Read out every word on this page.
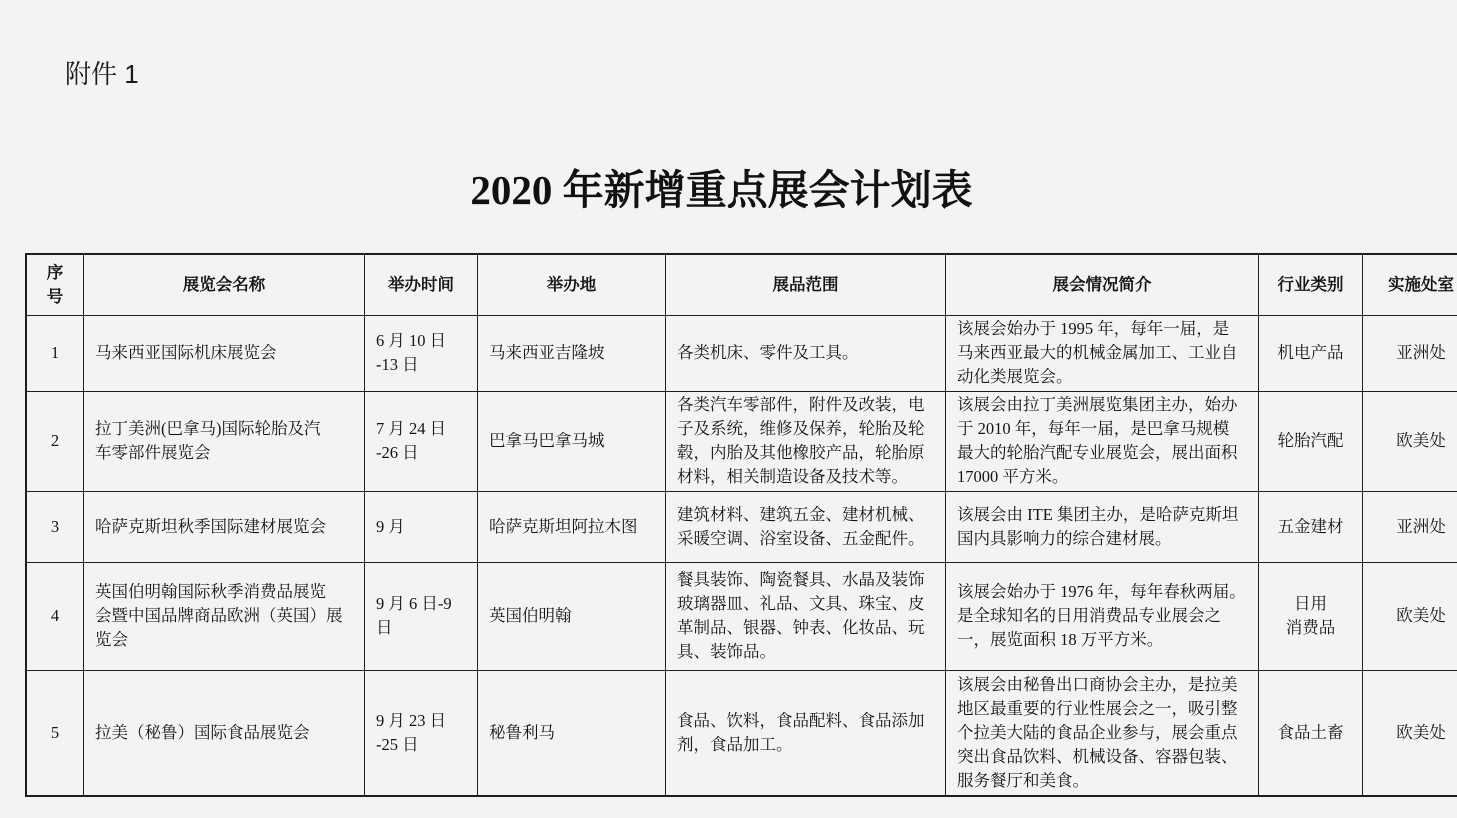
附件 1
2020 年新增重点展会计划表
序
号	展览会名称	举办时间	举办地	展品范围	展会情况简介	行业类别	实施处室
1	马来西亚国际机床展览会	6 月 10 日
-13 日	马来西亚吉隆坡	各类机床、零件及工具。	该展会始办于 1995 年，每年一届，是
马来西亚最大的机械金属加工、工业自
动化类展览会。	机电产品	亚洲处
2	拉丁美洲(巴拿马)国际轮胎及汽
车零部件展览会	7 月 24 日
-26 日	巴拿马巴拿马城	各类汽车零部件，附件及改装，电
子及系统，维修及保养，轮胎及轮
毂，内胎及其他橡胶产品，轮胎原
材料，相关制造设备及技术等。	该展会由拉丁美洲展览集团主办，始办
于 2010 年，每年一届，是巴拿马规模
最大的轮胎汽配专业展览会，展出面积
17000 平方米。	轮胎汽配	欧美处
3	哈萨克斯坦秋季国际建材展览会	9 月	哈萨克斯坦阿拉木图	建筑材料、建筑五金、建材机械、
采暖空调、浴室设备、五金配件。	该展会由 ITE 集团主办，是哈萨克斯坦
国内具影响力的综合建材展。	五金建材	亚洲处
4	英国伯明翰国际秋季消费品展览
会暨中国品牌商品欧洲（英国）展
览会	9 月 6 日-9
日	英国伯明翰	餐具装饰、陶瓷餐具、水晶及装饰
玻璃器皿、礼品、文具、珠宝、皮
革制品、银器、钟表、化妆品、玩
具、装饰品。	该展会始办于 1976 年，每年春秋两届。
是全球知名的日用消费品专业展会之
一，展览面积 18 万平方米。	日用
消费品	欧美处
5	拉美（秘鲁）国际食品展览会	9 月 23 日
-25 日	秘鲁利马	食品、饮料，食品配料、食品添加
剂，食品加工。	该展会由秘鲁出口商协会主办，是拉美
地区最重要的行业性展会之一，吸引整
个拉美大陆的食品企业参与，展会重点
突出食品饮料、机械设备、容器包装、
服务餐厅和美食。	食品土畜	欧美处
